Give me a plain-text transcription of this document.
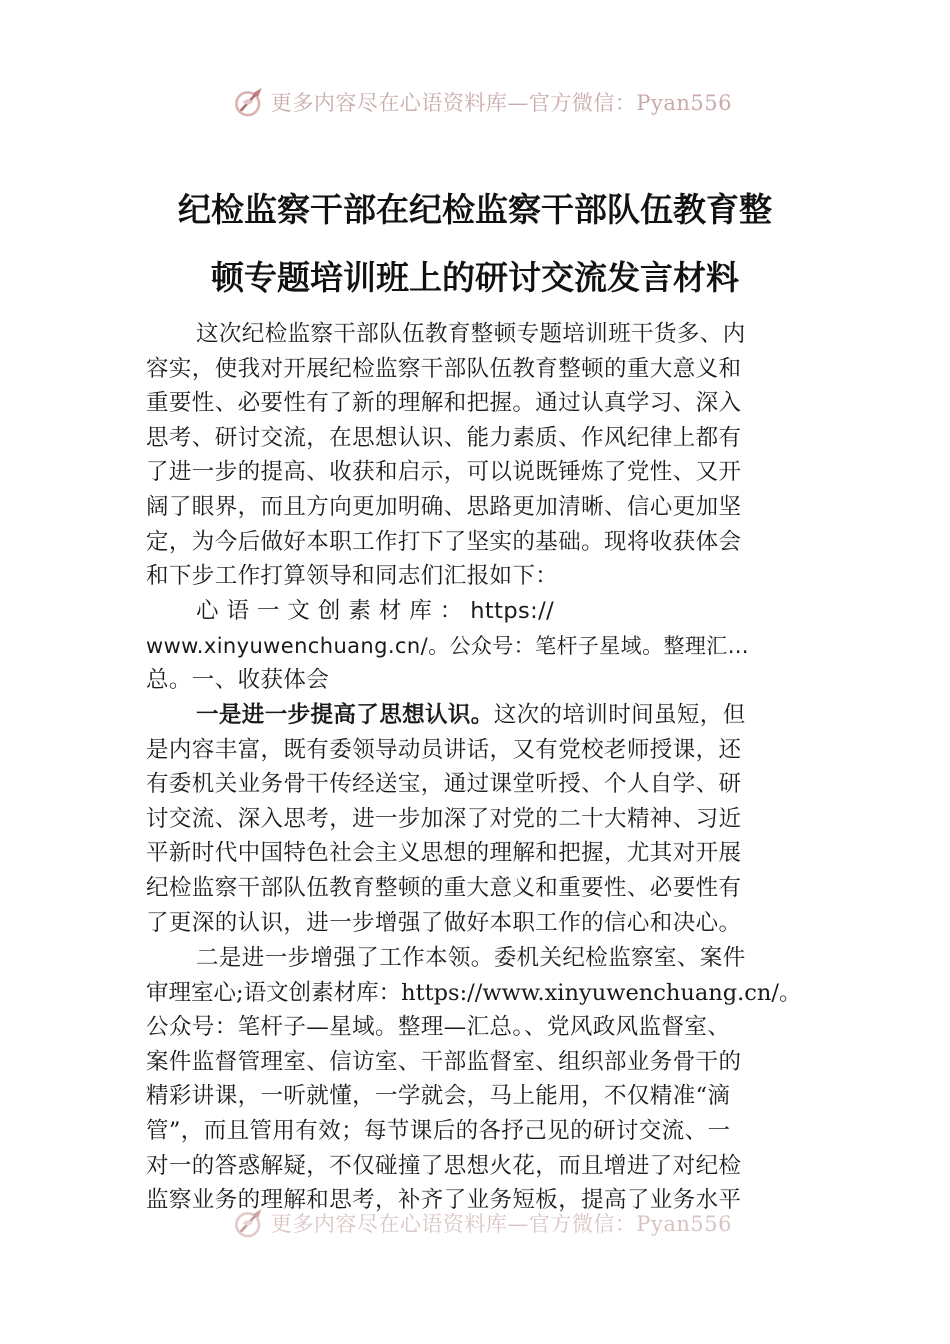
更多内容尽在心语资料库—官方微信：Pyan556
纪检监察干部在纪检监察干部队伍教育整
顿专题培训班上的研讨交流发言材料
这次纪检监察干部队伍教育整顿专题培训班干货多、内
容实，使我对开展纪检监察干部队伍教育整顿的重大意义和
重要性、必要性有了新的理解和把握。通过认真学习、深入
思考、研讨交流，在思想认识、能力素质、作风纪律上都有
了进一步的提高、收获和启示，可以说既锤炼了党性、又开
阔了眼界，而且方向更加明确、思路更加清晰、信心更加坚
定，为今后做好本职工作打下了坚实的基础。现将收获体会
和下步工作打算领导和同志们汇报如下：
心 语 一 文 创 素 材 库 ： https://
www.xinyuwenchuang.cn/。公众号：笔杆子星域。整理汇…
总。一、收获体会
一是进一步提高了思想认识。这次的培训时间虽短，但
是内容丰富，既有委领导动员讲话，又有党校老师授课，还
有委机关业务骨干传经送宝，通过课堂听授、个人自学、研
讨交流、深入思考，进一步加深了对党的二十大精神、习近
平新时代中国特色社会主义思想的理解和把握，尤其对开展
纪检监察干部队伍教育整顿的重大意义和重要性、必要性有
了更深的认识，进一步增强了做好本职工作的信心和决心。
二是进一步增强了工作本领。委机关纪检监察室、案件
审理室心;语文创素材库：https://www.xinyuwenchuang.cn/。
公众号：笔杆子—星域。整理—汇总。、党风政风监督室、
案件监督管理室、信访室、干部监督室、组织部业务骨干的
精彩讲课，一听就懂，一学就会，马上能用，不仅精准“滴
管”，而且管用有效；每节课后的各抒己见的研讨交流、一
对一的答惑解疑，不仅碰撞了思想火花，而且增进了对纪检
监察业务的理解和思考，补齐了业务短板，提高了业务水平
更多内容尽在心语资料库—官方微信：Pyan556
